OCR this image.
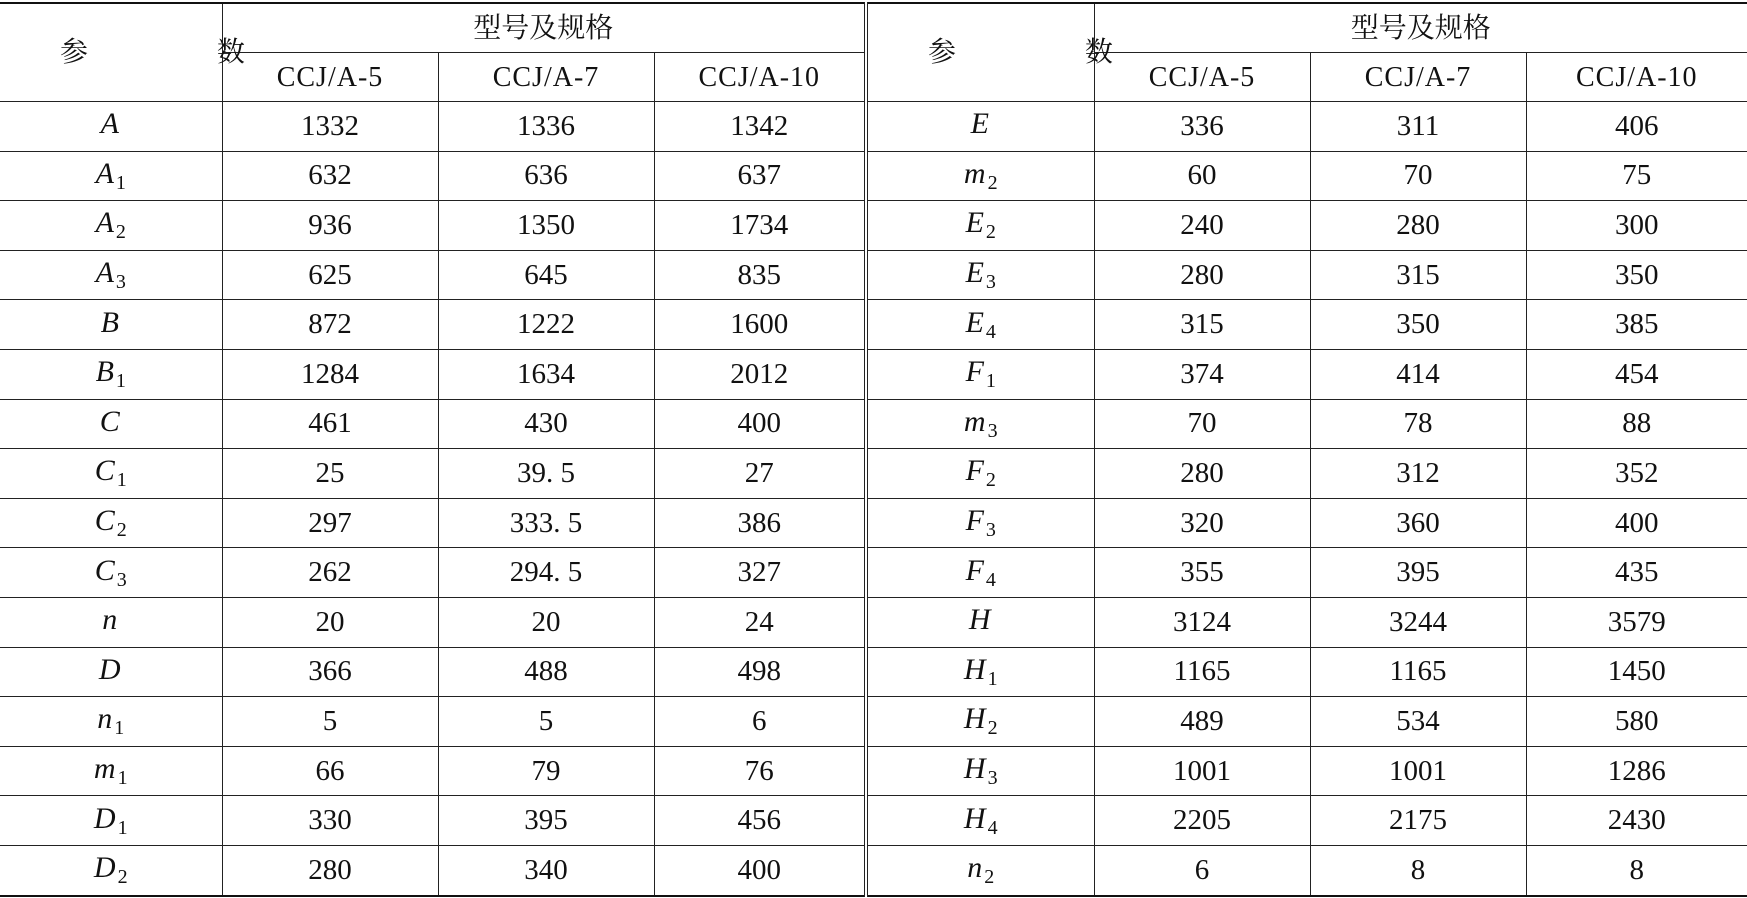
参 数	型号及规格			参 数	型号及规格		
	CCJ/A-5	CCJ/A-7	CCJ/A-10		CCJ/A-5	CCJ/A-7	CCJ/A-10
A	1332	1336	1342	E	336	311	406
A $_1$	632	636	637	m $_2$	60	70	75
A $_2$	936	1350	1734	E $_2$	240	280	300
A $_3$	625	645	835	E $_3$	280	315	350
B	872	1222	1600	E $_4$	315	350	385
B $_1$	1284	1634	2012	F $_1$	374	414	454
C	461	430	400	m $_3$	70	78	88
C $_1$	25	39. 5	27	F $_2$	280	312	352
C $_2$	297	333. 5	386	F $_3$	320	360	400
C $_3$	262	294. 5	327	F $_4$	355	395	435
n	20	20	24	H	3124	3244	3579
D	366	488	498	H $_1$	1165	1165	1450
n $_1$	5	5	6	H $_2$	489	534	580
m $_1$	66	79	76	H $_3$	1001	1001	1286
D $_1$	330	395	456	H $_4$	2205	2175	2430
D $_2$	280	340	400	n $_2$	6	8	8
